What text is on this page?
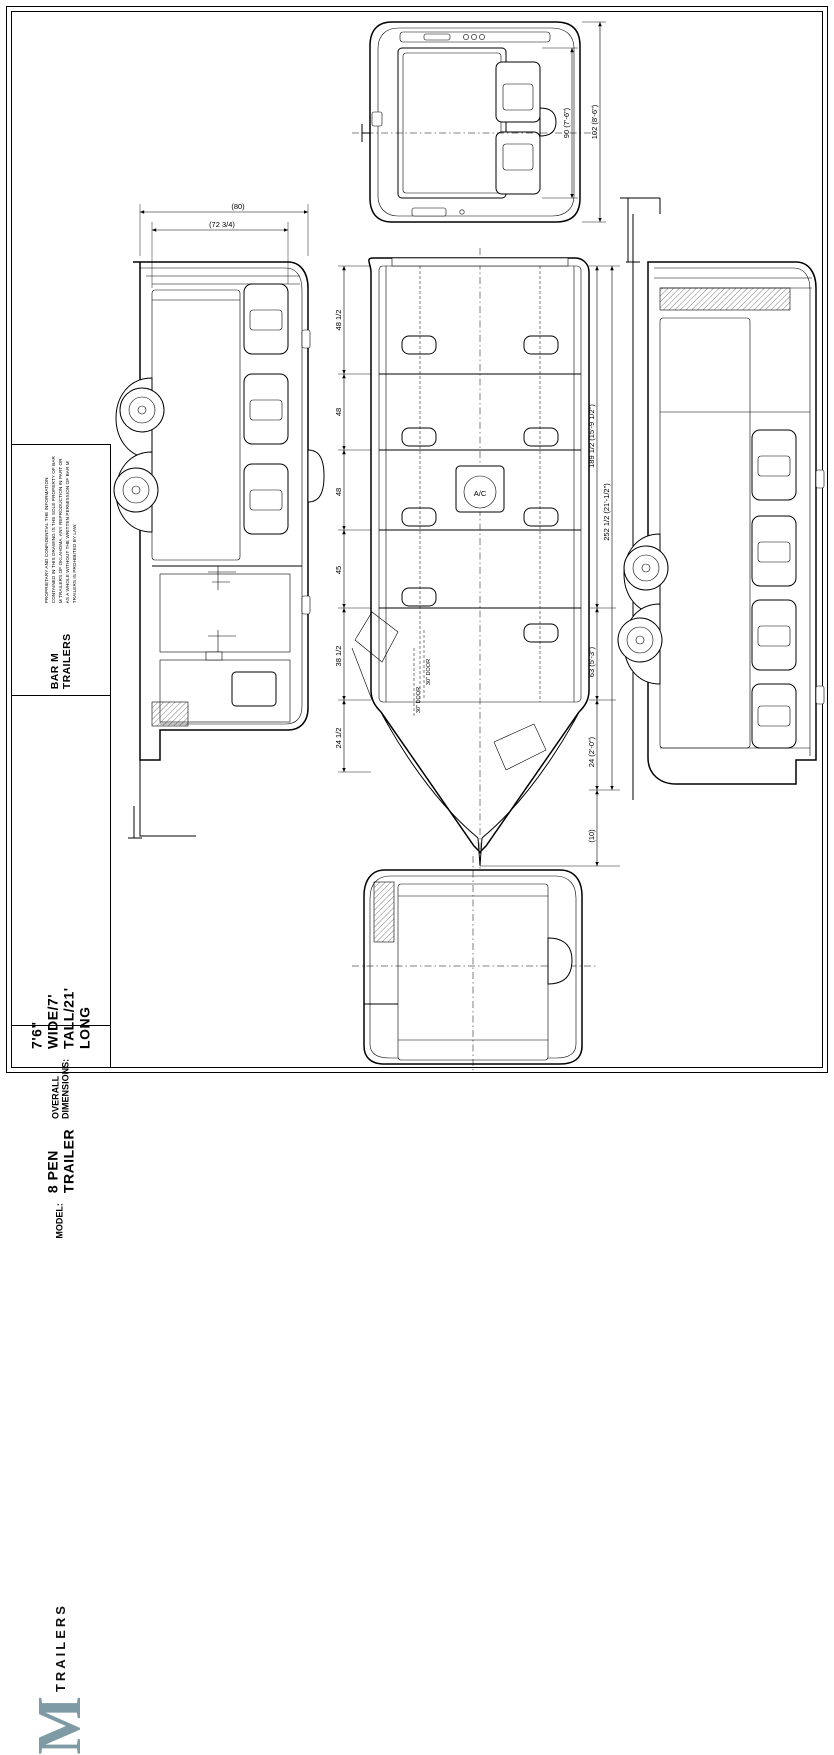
102 (8'-6")
90 (7'-6")
(80)
(72 3/4)
A/C
30" DOOR
30" DOOR
48 1/2
48
48
45
38 1/2
24 1/2
189 1/2 (15'-9 1/2")
252 1/2 (21'-1/2")
63 (5'-3")
24 (2'-0")
(10)
BAR M TRAILERS
PROPRIETARY AND CONFIDENTIAL THE INFORMATION CONTAINED IN THIS DRAWING IS THE SOLE PROPERTY OF BAR M TRAILERS OF OKLAHOMA. ANY REPRODUCTION IN PART OR AS A WHOLE WITHOUT THE WRITTEN PERMISSION OF BAR M TRAILERS IS PROHIBITED BY LAW.
MODEL:
8 PEN TRAILER
OVERALL DIMENSIONS:
7'6" WIDE/7' TALL/21' LONG
M
TRAILERS
